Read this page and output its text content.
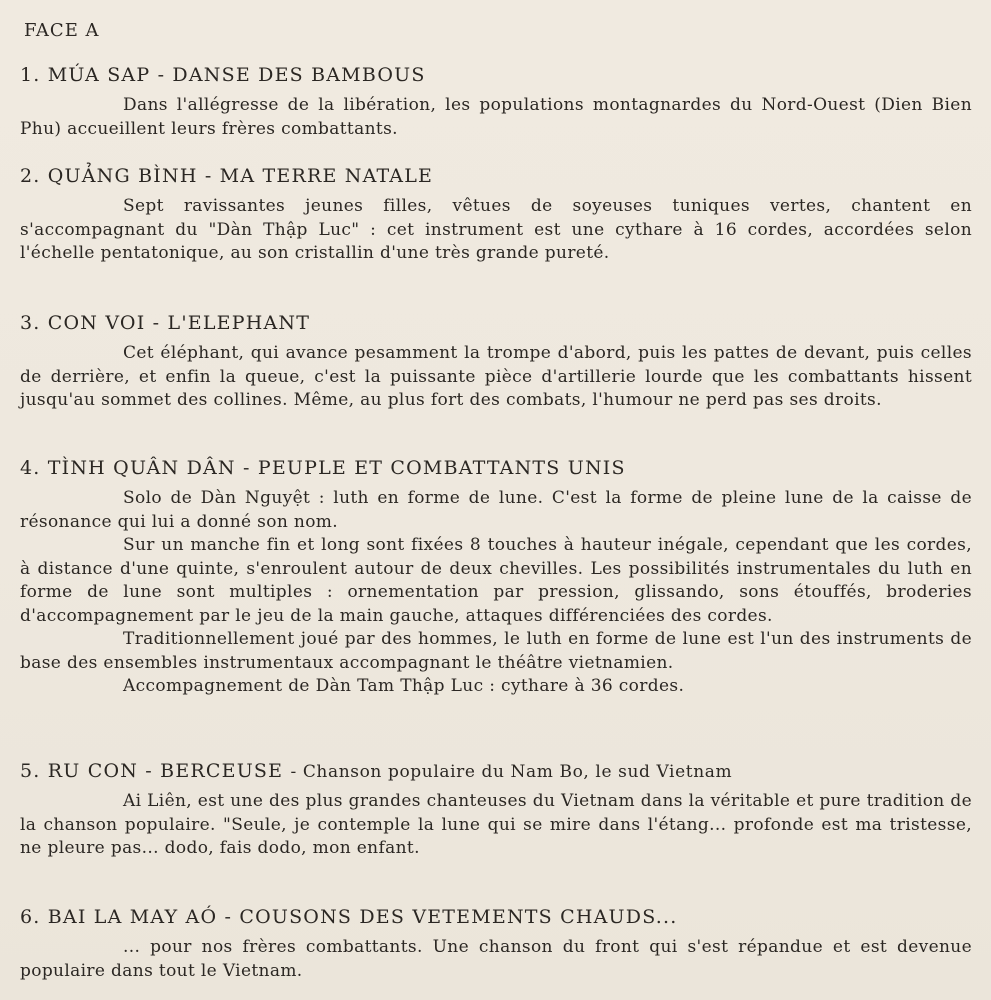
FACE A
1. MÚA SAP - DANSE DES BAMBOUS
Dans l'allégresse de la libération, les populations montagnardes du Nord-Ouest (Dien Bien Phu) accueillent leurs frères combattants.
2. QUẢNG BÌNH - MA TERRE NATALE
Sept ravissantes jeunes filles, vêtues de soyeuses tuniques vertes, chantent en s'accompagnant du "Dàn Thập Luc" : cet instrument est une cythare à 16 cordes, accordées selon l'échelle pentatonique, au son cristallin d'une très grande pureté.
3. CON VOI - L'ELEPHANT
Cet éléphant, qui avance pesamment la trompe d'abord, puis les pattes de devant, puis celles de derrière, et enfin la queue, c'est la puissante pièce d'artillerie lourde que les combattants hissent jusqu'au sommet des collines. Même, au plus fort des combats, l'humour ne perd pas ses droits.
4. TÌNH QUÂN DÂN - PEUPLE ET COMBATTANTS UNIS
Solo de Dàn Nguyệt : luth en forme de lune. C'est la forme de pleine lune de la caisse de résonance qui lui a donné son nom.
Sur un manche fin et long sont fixées 8 touches à hauteur inégale, cependant que les cordes, à distance d'une quinte, s'enroulent autour de deux chevilles. Les possibilités instrumentales du luth en forme de lune sont multiples : ornementation par pression, glissando, sons étouffés, broderies d'accompagnement par le jeu de la main gauche, attaques différenciées des cordes.
Traditionnellement joué par des hommes, le luth en forme de lune est l'un des instruments de base des ensembles instrumentaux accompagnant le théâtre vietnamien.
Accompagnement de Dàn Tam Thập Luc : cythare à 36 cordes.
5. RU CON - BERCEUSE - Chanson populaire du Nam Bo, le sud Vietnam
Ai Liên, est une des plus grandes chanteuses du Vietnam dans la véritable et pure tradition de la chanson populaire. "Seule, je contemple la lune qui se mire dans l'étang... profonde est ma tristesse, ne pleure pas... dodo, fais dodo, mon enfant.
6. BAI LA MAY AÓ - COUSONS DES VETEMENTS CHAUDS...
... pour nos frères combattants. Une chanson du front qui s'est répandue et est devenue populaire dans tout le Vietnam.
